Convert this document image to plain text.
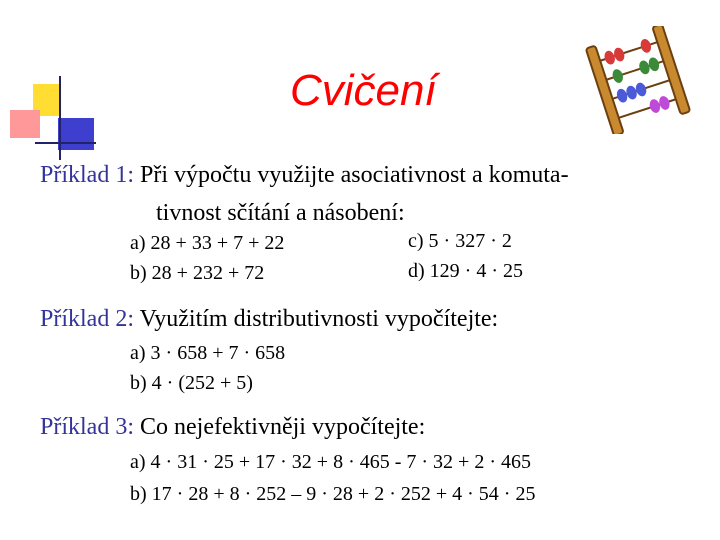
Cvičení
Příklad 1: Při výpočtu využijte asociativnost a komuta-
tivnost sčítání a násobení:
a) 28 + 33 + 7 + 22
b) 28 + 232 + 72
c) 5 · 327 · 2
d) 129 · 4 · 25
Příklad 2: Využitím distributivnosti vypočítejte:
a) 3 · 658 + 7 · 658
b) 4 · (252 + 5)
Příklad 3: Co nejefektivněji vypočítejte:
a) 4 · 31 · 25 + 17 · 32 + 8 · 465 - 7 · 32 + 2 · 465
b) 17 · 28 + 8 · 252 – 9 · 28 + 2 · 252 + 4 · 54 · 25
